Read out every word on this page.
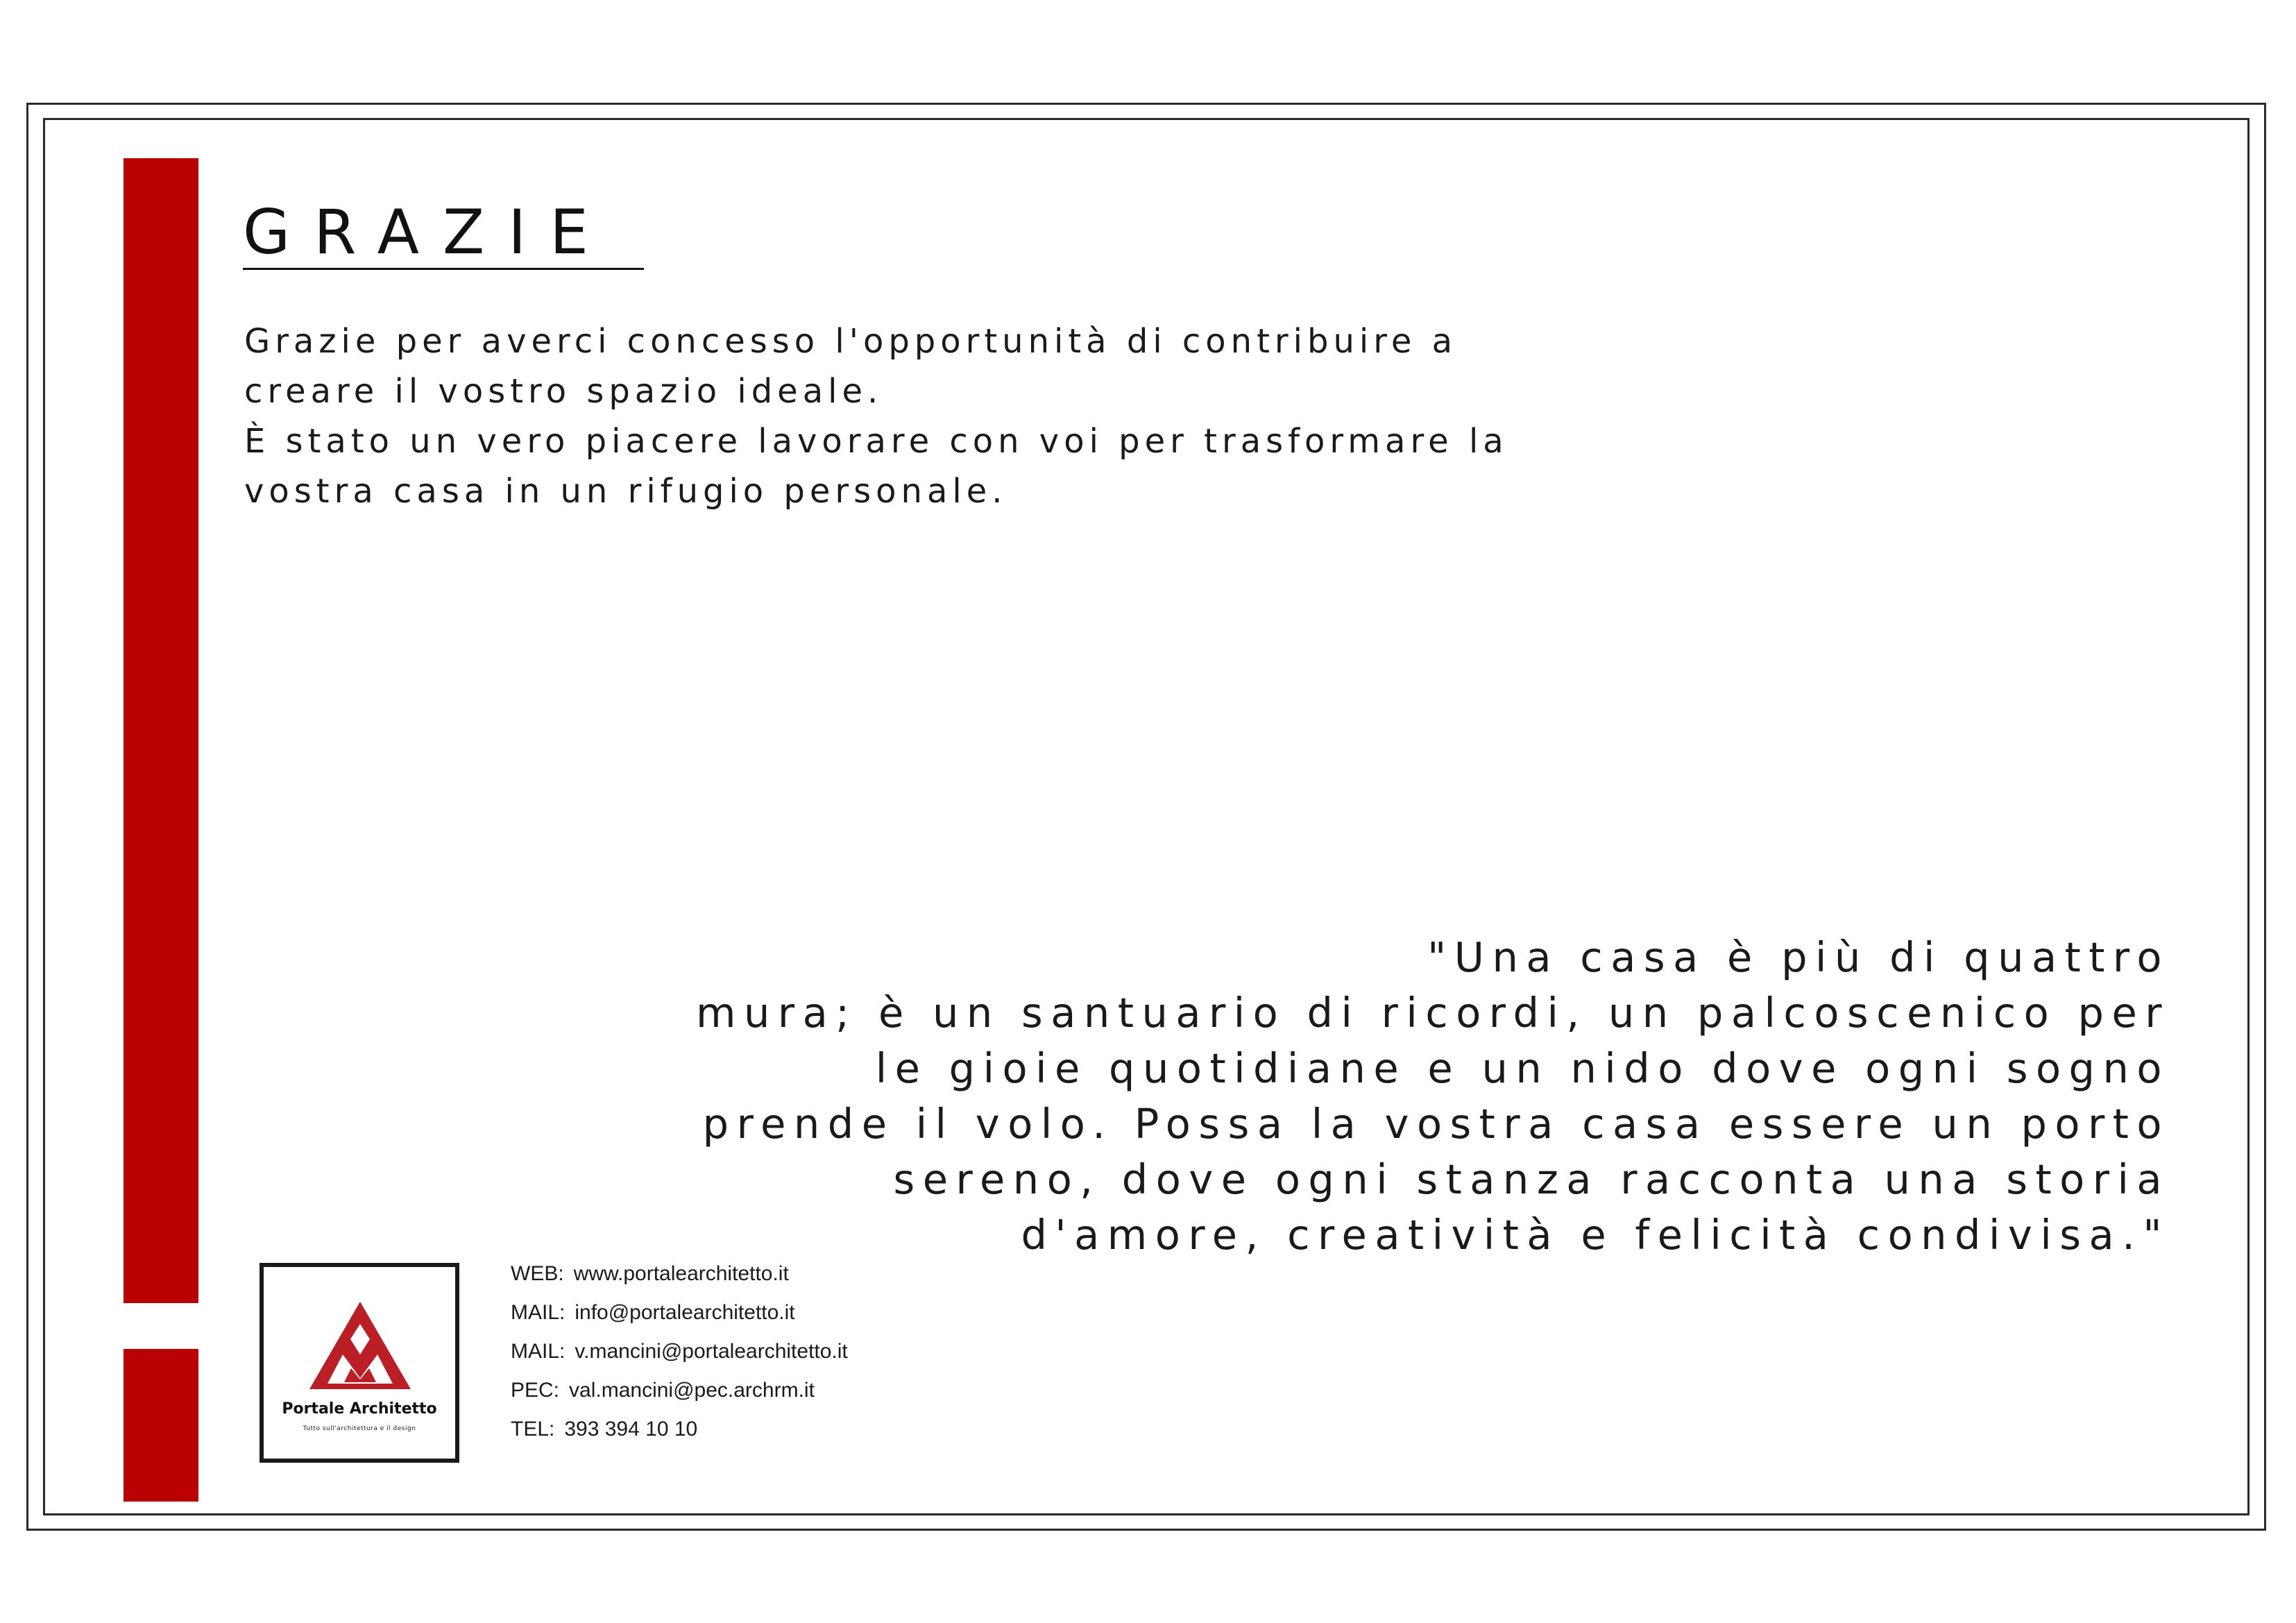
GRAZIE

Grazie per averci concesso l'opportunità di contribuire a creare il vostro spazio ideale.

È stato un vero piacere lavorare con voi per trasformare la vostra casa in un rifugio personale.

"Una casa è più di quattro
mura; è un santuario di ricordi, un palcoscenico per
le gioie quotidiane e un nido dove ogni sogno
prende il volo. Possa la vostra casa essere un porto
sereno, dove ogni stanza racconta una storia
d'amore, creatività e felicità condivisa."
Portale Architetto
Tutto sull'architettura e il design
WEB: www.portalearchitetto.it
MAIL: info@portalearchitetto.it
MAIL: v.mancini@portalearchitetto.it
PEC: val.mancini@pec.archrm.it
TEL: 393 394 10 10
